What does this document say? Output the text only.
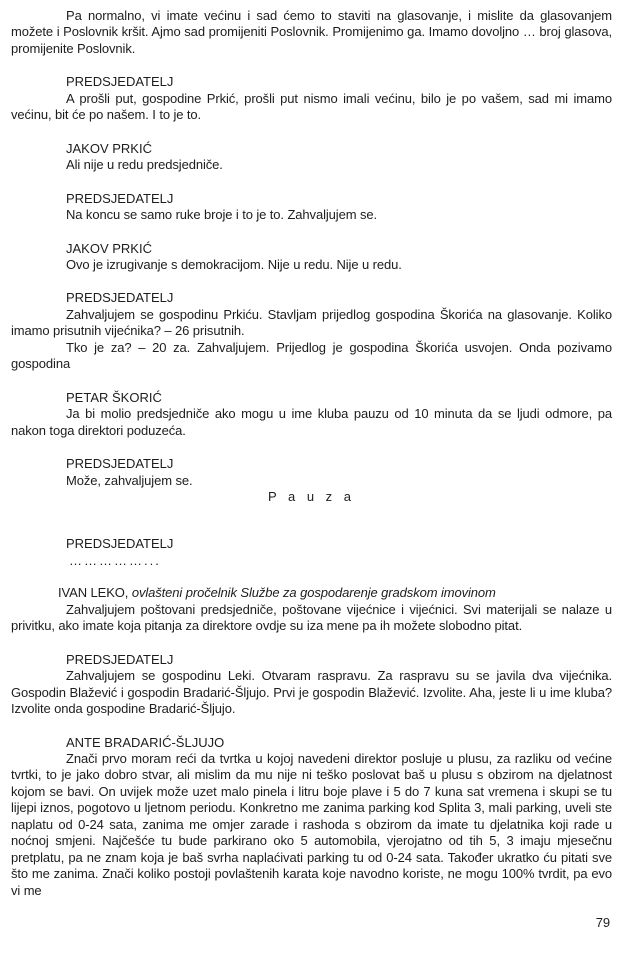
Pa normalno, vi imate većinu i sad ćemo to staviti na glasovanje, i mislite da glasovanjem možete i Poslovnik kršit. Ajmo sad promijeniti Poslovnik. Promijenimo ga. Imamo dovoljno … broj glasova, promijenite Poslovnik.

PREDSJEDATELJ

A prošli put, gospodine Prkić, prošli put nismo imali većinu, bilo je po vašem, sad mi imamo većinu, bit će po našem. I to je to.

JAKOV PRKIĆ

Ali nije u redu predsjedniče.

PREDSJEDATELJ

Na koncu se samo ruke broje i to je to. Zahvaljujem se.

JAKOV PRKIĆ

Ovo je izrugivanje s demokracijom. Nije u redu. Nije u redu.

PREDSJEDATELJ

Zahvaljujem se gospodinu Prkiću. Stavljam prijedlog gospodina Škorića na glasovanje. Koliko imamo prisutnih vijećnika? – 26 prisutnih.

Tko je za? – 20 za. Zahvaljujem. Prijedlog je gospodina Škorića usvojen. Onda pozivamo gospodina

PETAR ŠKORIĆ

Ja bi molio predsjedniče ako mogu u ime kluba pauzu od 10 minuta da se ljudi odmore, pa nakon toga direktori poduzeća.

PREDSJEDATELJ

Može, zahvaljujem se.

P a u z a

PREDSJEDATELJ

……………...

IVAN LEKO, ovlašteni pročelnik Službe za gospodarenje gradskom imovinom

Zahvaljujem poštovani predsjedniče, poštovane vijećnice i vijećnici. Svi materijali se nalaze u privitku, ako imate koja pitanja za direktore ovdje su iza mene pa ih možete slobodno pitat.

PREDSJEDATELJ

Zahvaljujem se gospodinu Leki. Otvaram raspravu. Za raspravu su se javila dva vijećnika. Gospodin Blažević i gospodin Bradarić-Šljujo. Prvi je gospodin Blažević. Izvolite. Aha, jeste li u ime kluba? Izvolite onda gospodine Bradarić-Šljujo.

ANTE BRADARIĆ-ŠLJUJO

Znači prvo moram reći da tvrtka u kojoj navedeni direktor posluje u plusu, za razliku od većine tvrtki, to je jako dobro stvar, ali mislim da mu nije ni teško poslovat baš u plusu s obzirom na djelatnost kojom se bavi. On uvijek može uzet malo pinela i litru boje plave i 5 do 7 kuna sat vremena i skupi se tu lijepi iznos, pogotovo u ljetnom periodu. Konkretno me zanima parking kod Splita 3, mali parking, uveli ste naplatu od 0-24 sata, zanima me omjer zarade i rashoda s obzirom da imate tu djelatnika koji rade u noćnoj smjeni. Najčešće tu bude parkirano oko 5 automobila, vjerojatno od tih 5, 3 imaju mjesečnu pretplatu, pa ne znam koja je baš svrha naplaćivati parking tu od 0-24 sata. Također ukratko ću pitati sve što me zanima. Znači koliko postoji povlaštenih karata koje navodno koriste, ne mogu 100% tvrdit, pa evo vi me

79
